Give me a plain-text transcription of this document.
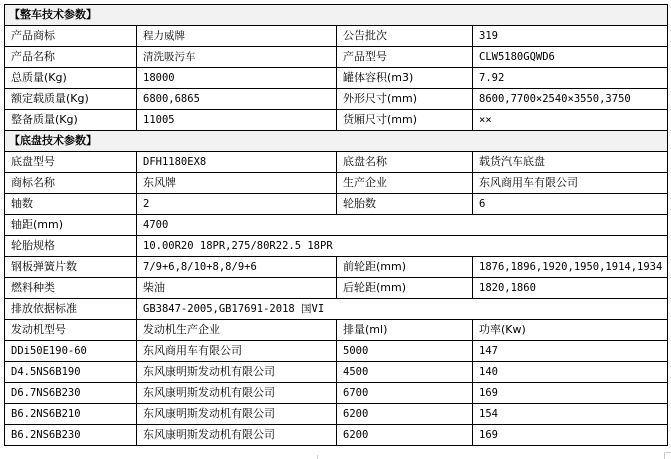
【整车技术参数】			
产品商标	程力威牌	公告批次	319
产品名称	清洗吸污车	产品型号	CLW5180GQWD6
总质量(Kg)	18000	罐体容积(m3)	7.92
额定载质量(Kg)	6800,6865	外形尺寸(mm)	8600,7700×2540×3550,3750
整备质量(Kg)	11005	货厢尺寸(mm)	××
【底盘技术参数】			
底盘型号	DFH1180EX8	底盘名称	载货汽车底盘
商标名称	东风牌	生产企业	东风商用车有限公司
轴数	2	轮胎数	6
轴距(mm)	4700		
轮胎规格	10.00R20 18PR,275/80R22.5 18PR		
钢板弹簧片数	7/9+6,8/10+8,8/9+6	前轮距(mm)	1876,1896,1920,1950,1914,1934
燃料种类	柴油	后轮距(mm)	1820,1860
排放依据标准	GB3847-2005,GB17691-2018 国VI		
发动机型号	发动机生产企业	排量(ml)	功率(Kw)
DDi50E190-60	东风商用车有限公司	5000	147
D4.5NS6B190	东风康明斯发动机有限公司	4500	140
D6.7NS6B230	东风康明斯发动机有限公司	6700	169
B6.2NS6B210	东风康明斯发动机有限公司	6200	154
B6.2NS6B230	东风康明斯发动机有限公司	6200	169
